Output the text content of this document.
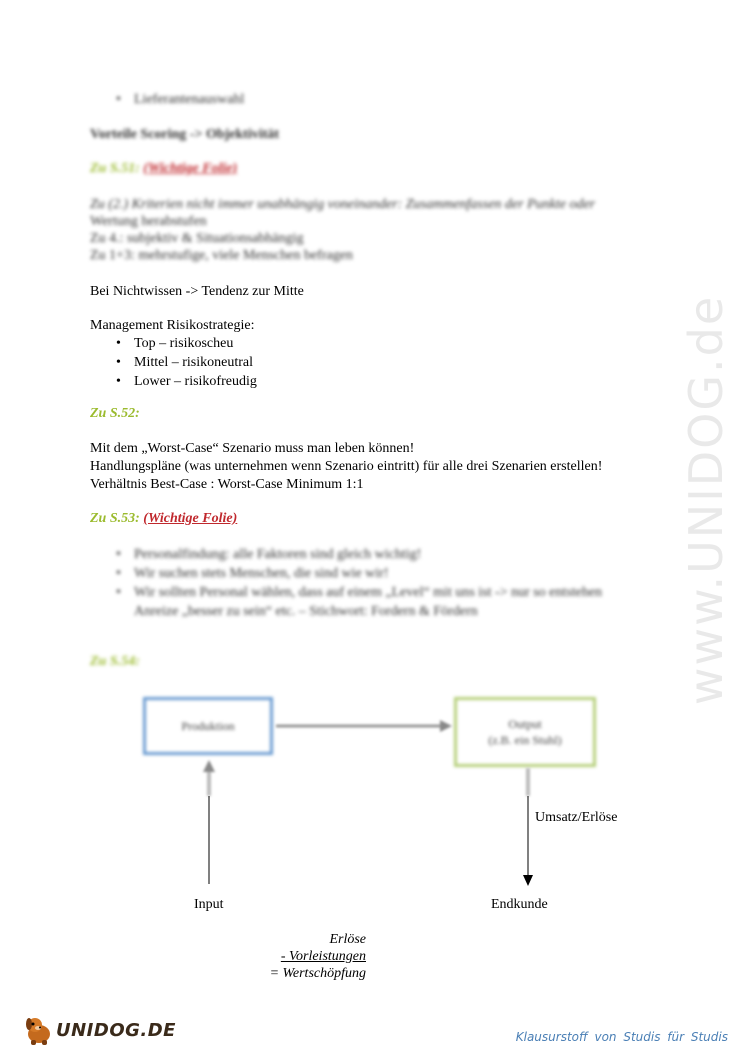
www.UNIDOG.de
• Lieferantenauswahl
Vorteile Scoring -> Objektivität
Zu S.51: (Wichtige Folie)
Zu (2.) Kriterien nicht immer unabhängig voneinander: Zusammenfassen der Punkte oder
Wertung herabstufen
Zu 4.: subjektiv & Situationsabhängig
Zu 1+3: mehrstufige, viele Menschen befragen
Bei Nichtwissen -> Tendenz zur Mitte
Management Risikostrategie:
• Top – risikoscheu
• Mittel – risikoneutral
• Lower – risikofreudig
Zu S.52:
Mit dem „Worst-Case“ Szenario muss man leben können!
Handlungspläne (was unternehmen wenn Szenario eintritt) für alle drei Szenarien erstellen!
Verhältnis Best-Case : Worst-Case Minimum 1:1
Zu S.53: (Wichtige Folie)
• Personalfindung: alle Faktoren sind gleich wichtig!
• Wir suchen stets Menschen, die sind wie wir!
• Wir sollten Personal wählen, dass auf einem „Level“ mit uns ist -> nur so entstehen
Anreize „besser zu sein“ etc. – Stichwort: Fordern & Fördern
Zu S.54:
Produktion	Output
(z.B. ein Stuhl)
Umsatz/Erlöse
Input	Endkunde
Erlöse
- Vorleistungen
= Wertschöpfung
UNIDOG.DE	Klausurstoff von Studis für Studis
